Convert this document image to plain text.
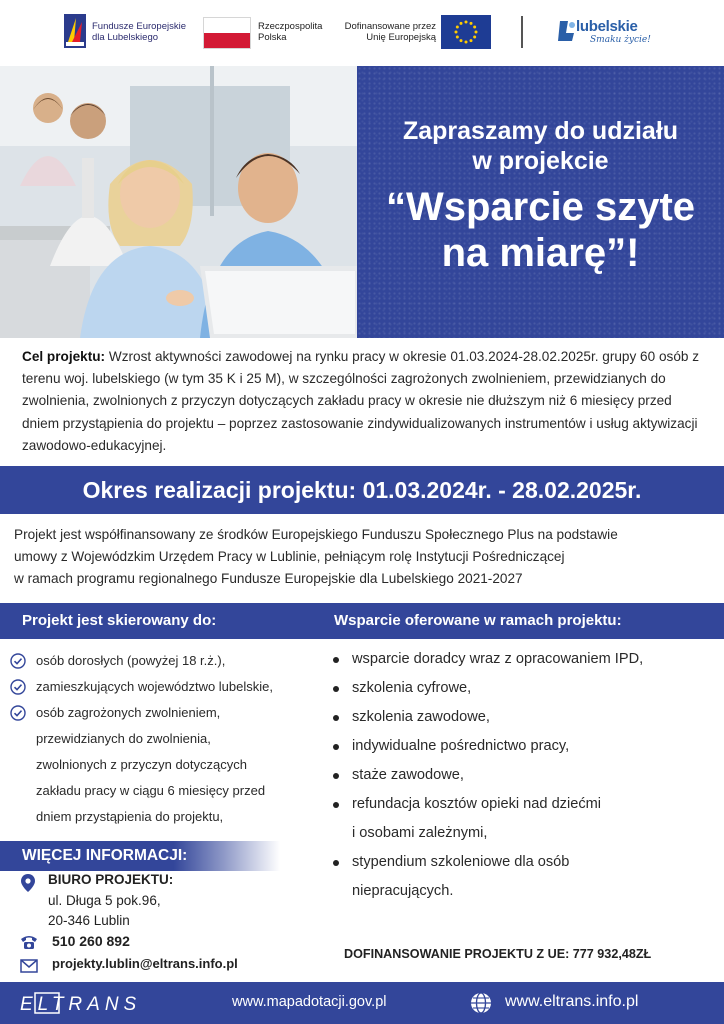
Fundusze Europejskie
dla Lubelskiego
Rzeczpospolita
Polska
Dofinansowane przez
Unię Europejską
lubelskie
Smaku życie!
Zapraszamy do udziału
w projekcie
“Wsparcie szyte
na miarę”!

Cel projektu: Wzrost aktywności zawodowej na rynku pracy w okresie 01.03.2024-28.02.2025r. grupy 60 osób z terenu woj. lubelskiego (w tym 35 K i 25 M), w szczególności zagrożonych zwolnieniem, przewidzianych do zwolnienia, zwolnionych z przyczyn dotyczących zakładu pracy w okresie nie dłuższym niż 6 miesięcy przed dniem przystąpienia do projektu – poprzez zastosowanie zindywidualizowanych instrumentów i usług aktywizacji zawodowo-edukacyjnej.

Okres realizacji projektu: 01.03.2024r. - 28.02.2025r.
Projekt jest współfinansowany ze środków Europejskiego Funduszu Społecznego Plus na podstawie
umowy z Wojewódzkim Urzędem Pracy w Lublinie, pełniącym rolę Instytucji Pośredniczącej
w ramach programu regionalnego Fundusze Europejskie dla Lubelskiego 2021-2027
Projekt jest skierowany do:	Wsparcie oferowane w ramach projektu:
osób dorosłych (powyżej 18 r.ż.),
zamieszkujących województwo lubelskie,
osób zagrożonych zwolnieniem,
przewidzianych do zwolnienia,
zwolnionych z przyczyn dotyczących
zakładu pracy w ciągu 6 miesięcy przed
dniem przystąpienia do projektu,
wsparcie doradcy wraz z opracowaniem IPD,
szkolenia cyfrowe,
szkolenia zawodowe,
indywidualne pośrednictwo pracy,
staże zawodowe,
refundacja kosztów opieki nad dziećmi
i osobami zależnymi,
stypendium szkoleniowe dla osób
niepracujących.
WIĘCEJ INFORMACJI:
BIURO PROJEKTU:
ul. Długa 5 pok.96,
20-346 Lublin
510 260 892
projekty.lublin@eltrans.info.pl
DOFINANSOWANIE PROJEKTU Z UE: 777 932,48ZŁ
ELTRANS	www.mapadotacji.gov.pl	www.eltrans.info.pl
